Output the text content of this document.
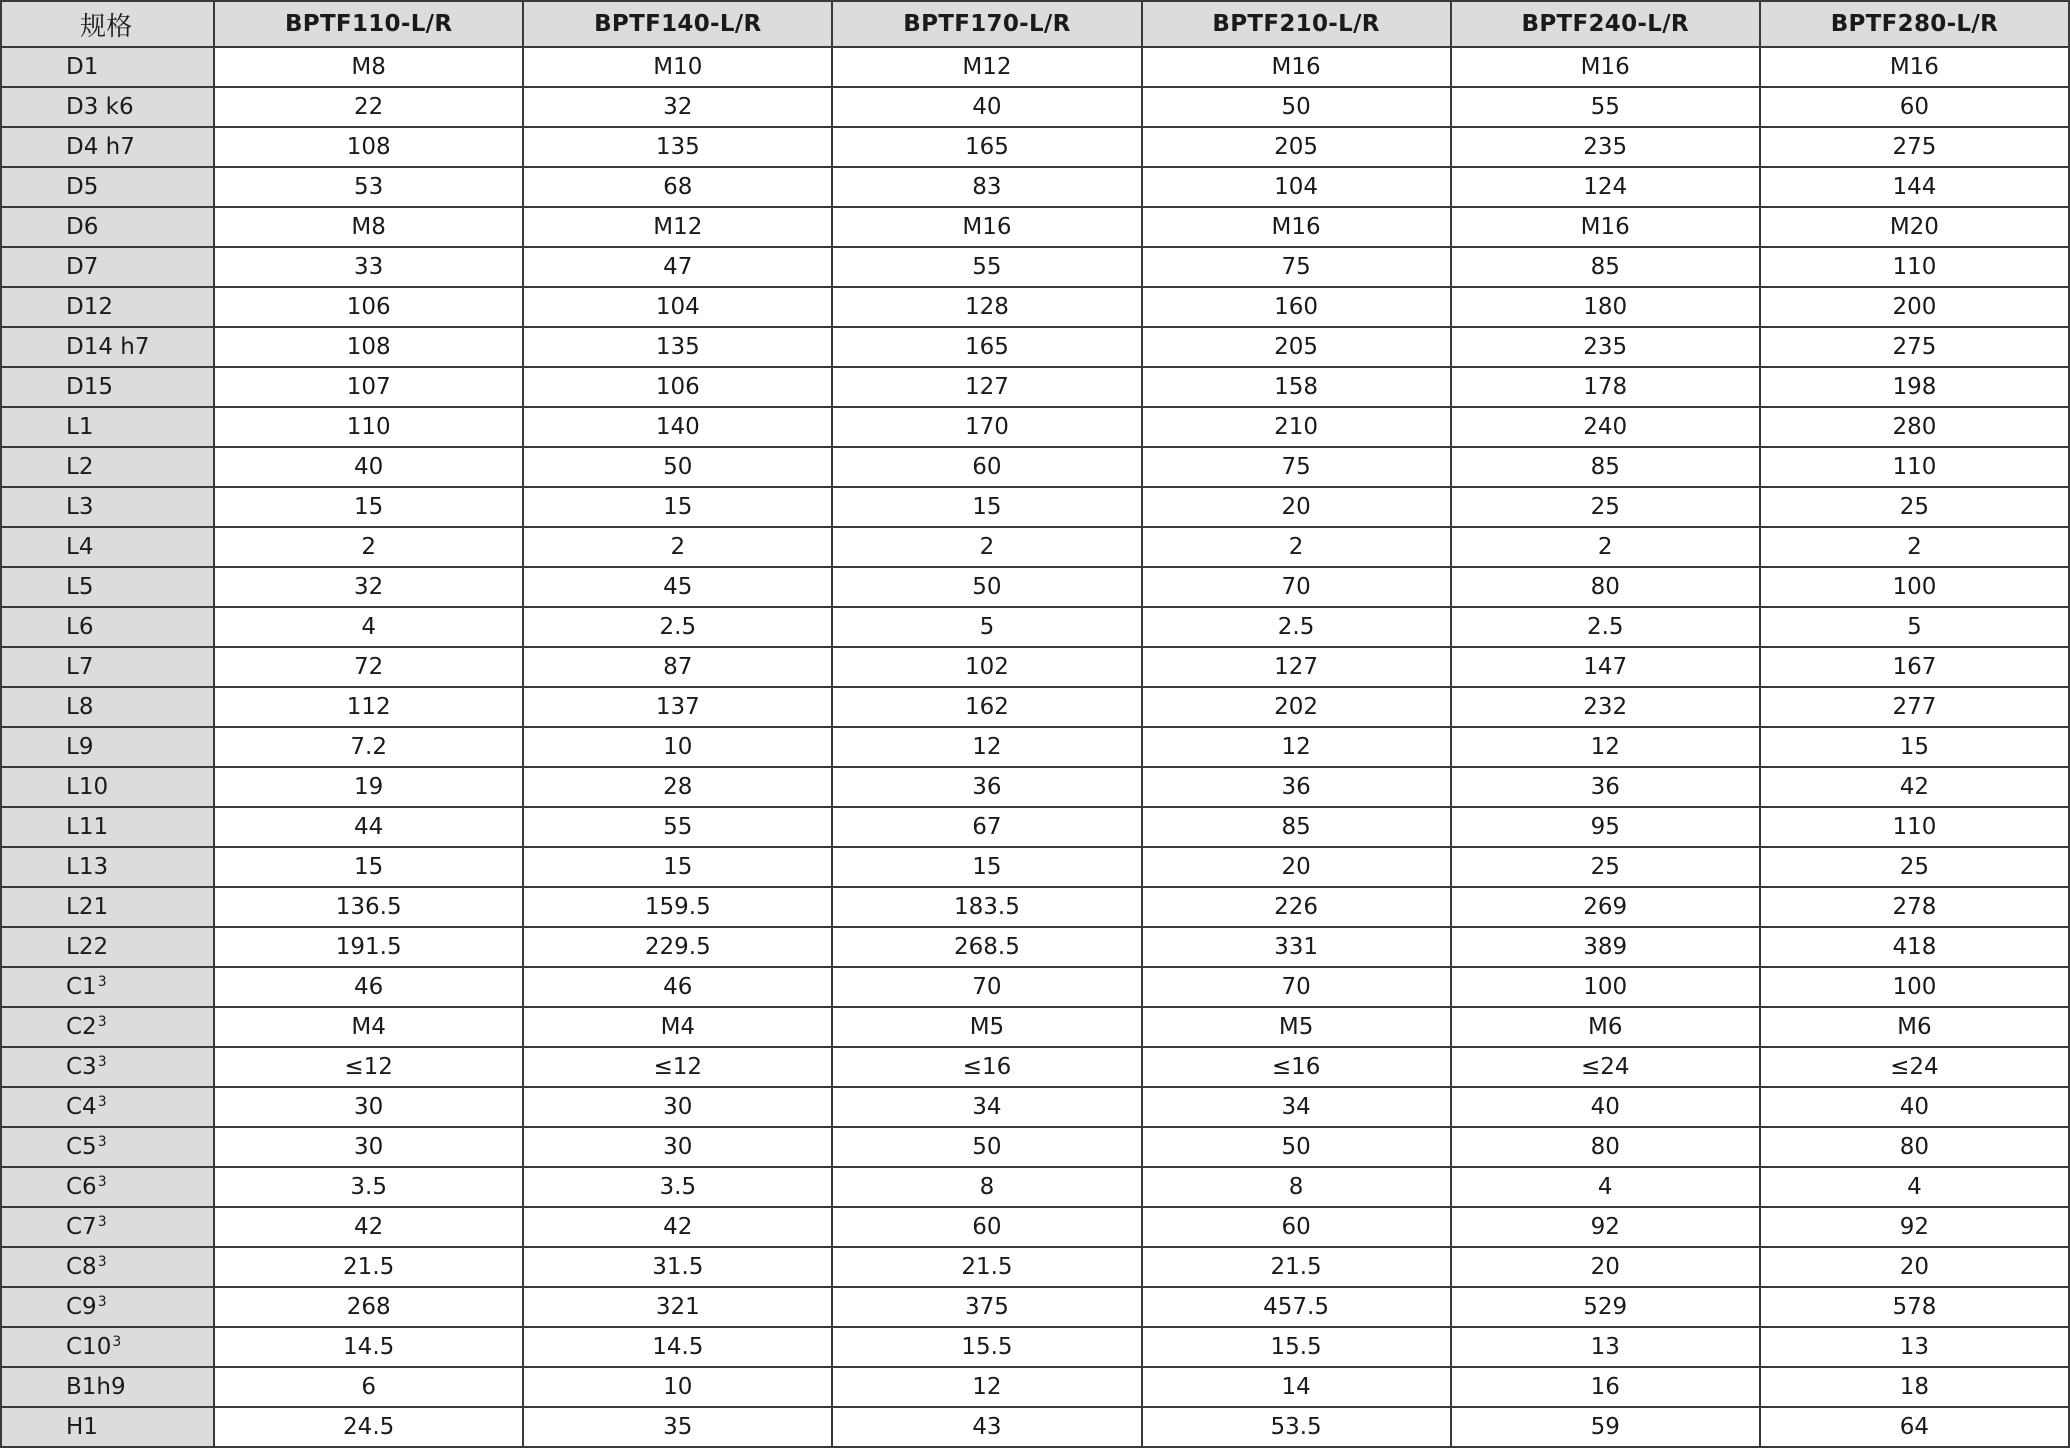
规格	BPTF110-L/R	BPTF140-L/R	BPTF170-L/R	BPTF210-L/R	BPTF240-L/R	BPTF280-L/R
D1	M8	M10	M12	M16	M16	M16
D3 k6	22	32	40	50	55	60
D4 h7	108	135	165	205	235	275
D5	53	68	83	104	124	144
D6	M8	M12	M16	M16	M16	M20
D7	33	47	55	75	85	110
D12	106	104	128	160	180	200
D14 h7	108	135	165	205	235	275
D15	107	106	127	158	178	198
L1	110	140	170	210	240	280
L2	40	50	60	75	85	110
L3	15	15	15	20	25	25
L4	2	2	2	2	2	2
L5	32	45	50	70	80	100
L6	4	2.5	5	2.5	2.5	5
L7	72	87	102	127	147	167
L8	112	137	162	202	232	277
L9	7.2	10	12	12	12	15
L10	19	28	36	36	36	42
L11	44	55	67	85	95	110
L13	15	15	15	20	25	25
L21	136.5	159.5	183.5	226	269	278
L22	191.5	229.5	268.5	331	389	418
C1$^3$	46	46	70	70	100	100
C2$^3$	M4	M4	M5	M5	M6	M6
C3$^3$	≤12	≤12	≤16	≤16	≤24	≤24
C4$^3$	30	30	34	34	40	40
C5$^3$	30	30	50	50	80	80
C6$^3$	3.5	3.5	8	8	4	4
C7$^3$	42	42	60	60	92	92
C8$^3$	21.5	31.5	21.5	21.5	20	20
C9$^3$	268	321	375	457.5	529	578
C10$^3$	14.5	14.5	15.5	15.5	13	13
B1h9	6	10	12	14	16	18
H1	24.5	35	43	53.5	59	64
